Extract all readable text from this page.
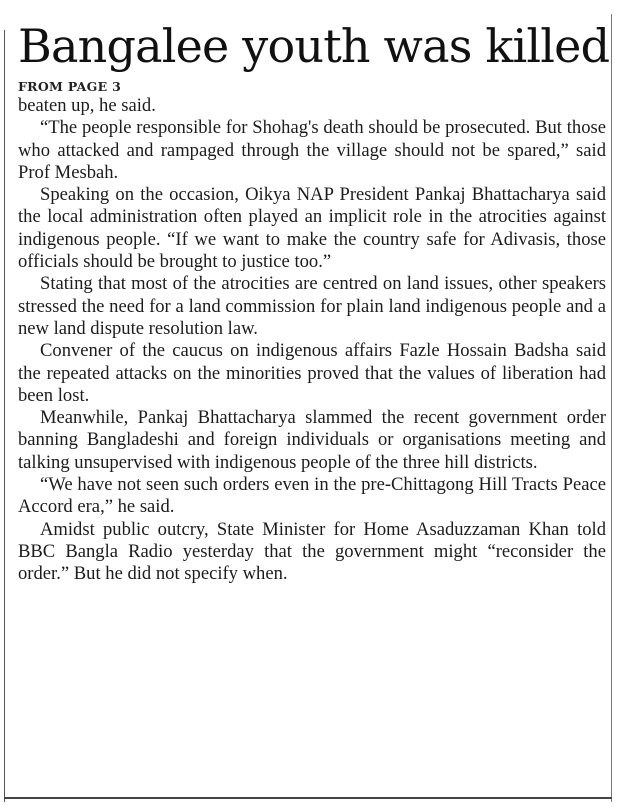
Bangalee youth was killed
FROM PAGE 3

beaten up, he said.

“The people responsible for Shohag's death should be prosecuted. But those who attacked and rampaged through the village should not be spared,” said Prof Mesbah.

Speaking on the occasion, Oikya NAP President Pankaj Bhattacharya said the local administration often played an implicit role in the atrocities against indigenous people. “If we want to make the country safe for Adivasis, those officials should be brought to justice too.”

Stating that most of the atrocities are centred on land issues, other speakers stressed the need for a land commission for plain land indigenous people and a new land dispute resolution law.

Convener of the caucus on indigenous affairs Fazle Hossain Badsha said the repeated attacks on the minorities proved that the values of liberation had been lost.

Meanwhile, Pankaj Bhattacharya slammed the recent government order banning Bangladeshi and foreign individuals or organisations meeting and talking unsupervised with indigenous people of the three hill districts.

“We have not seen such orders even in the pre-Chittagong Hill Tracts Peace Accord era,” he said.

Amidst public outcry, State Minister for Home Asaduzzaman Khan told BBC Bangla Radio yesterday that the government might “reconsider the order.” But he did not specify when.
